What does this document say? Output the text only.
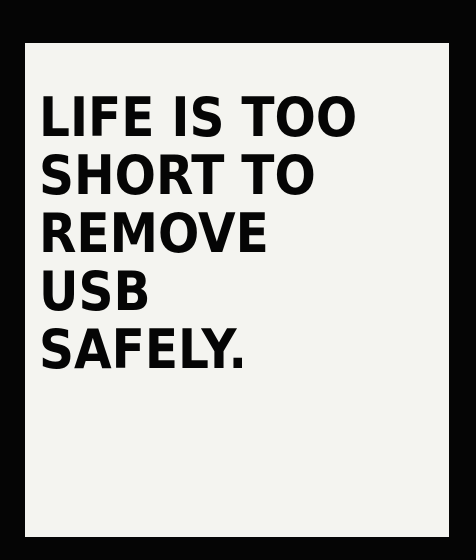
LIFE IS TOO
SHORT TO
REMOVE
USB
SAFELY.
